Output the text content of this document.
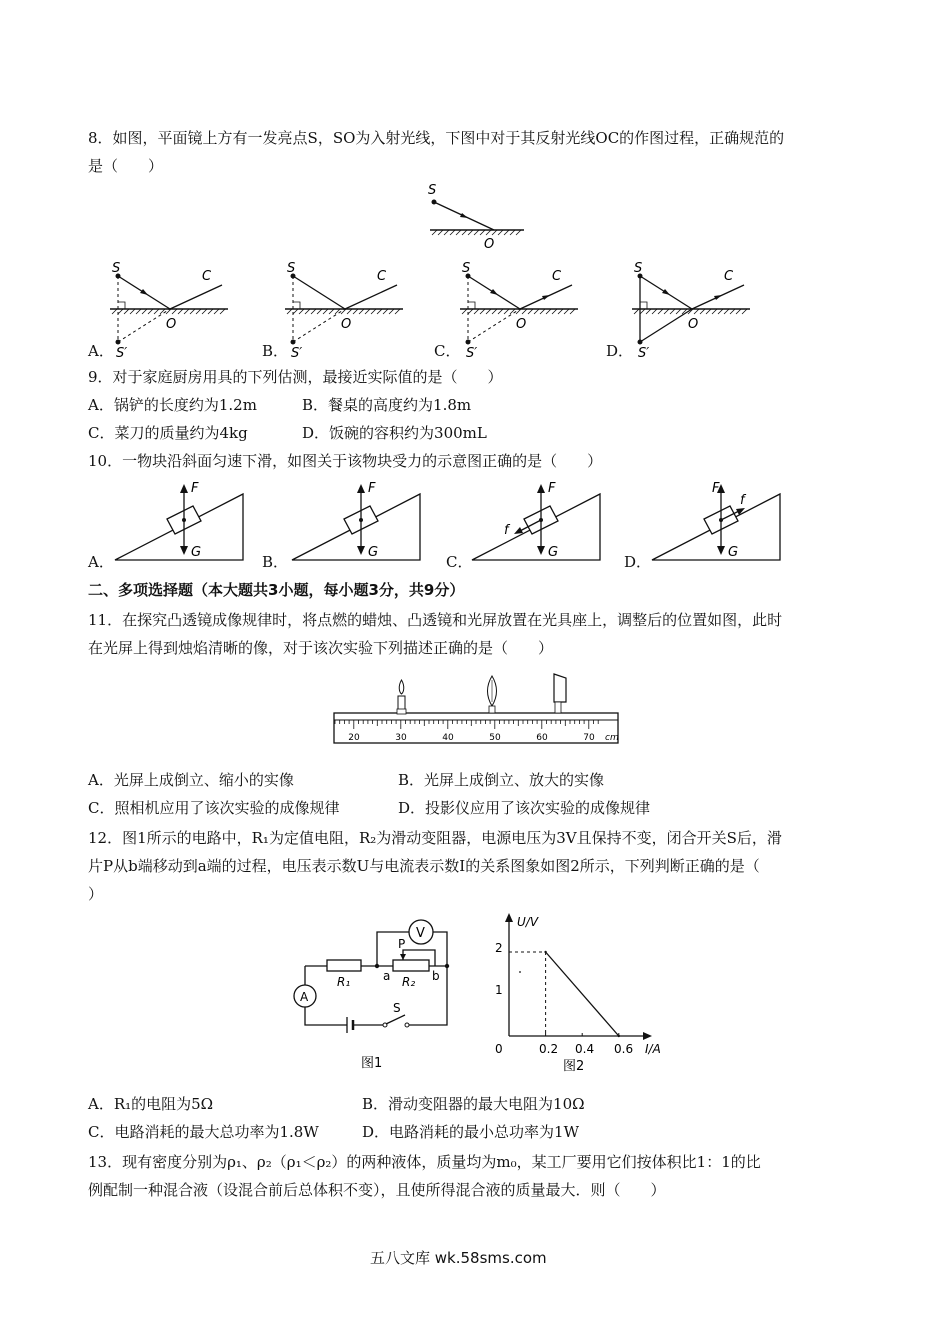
8．如图，平面镜上方有一发亮点S，SO为入射光线，下图中对于其反射光线OC的作图过程，正确规范的
是（　　）
S
O
S
C
O
S′
S
C
O
S′
S
C
O
S′
S
C
O
S′
A．	B．	C．	D．
9．对于家庭厨房用具的下列估测，最接近实际值的是（　　）
A．锅铲的长度约为1.2m	B．餐桌的高度约为1.8m
C．菜刀的质量约为4kg	D．饭碗的容积约为300mL
10．一物块沿斜面匀速下滑，如图关于该物块受力的示意图正确的是（　　）
F
G
F
G
F
G
f
F
G
f
A．	B．	C．	D．
二、多项选择题（本大题共3小题，每小题3分，共9分）
11．在探究凸透镜成像规律时，将点燃的蜡烛、凸透镜和光屏放置在光具座上，调整后的位置如图，此时
在光屏上得到烛焰清晰的像，对于该次实验下列描述正确的是（　　）
20	30	40	50	60	70 cm
A．光屏上成倒立、缩小的实像	B．光屏上成倒立、放大的实像
C．照相机应用了该次实验的成像规律	D．投影仪应用了该次实验的成像规律
12．图1所示的电路中，R₁为定值电阻，R₂为滑动变阻器，电源电压为3V且保持不变，闭合开关S后，滑
片P从b端移动到a端的过程，电压表示数U与电流表示数I的关系图象如图2所示，下列判断正确的是（
）
V
A
P
R₁	R₂
a	b
S
图1
U/V
I/A
2
1
0	0.2 0.4 0.6
图2
A．R₁的电阻为5Ω	B．滑动变阻器的最大电阻为10Ω
C．电路消耗的最大总功率为1.8W	D．电路消耗的最小总功率为1W
13．现有密度分别为ρ₁、ρ₂（ρ₁＜ρ₂）的两种液体，质量均为m₀，某工厂要用它们按体积比1：1的比
例配制一种混合液（设混合前后总体积不变），且使所得混合液的质量最大．则（　　）
五八文库 wk.58sms.com
